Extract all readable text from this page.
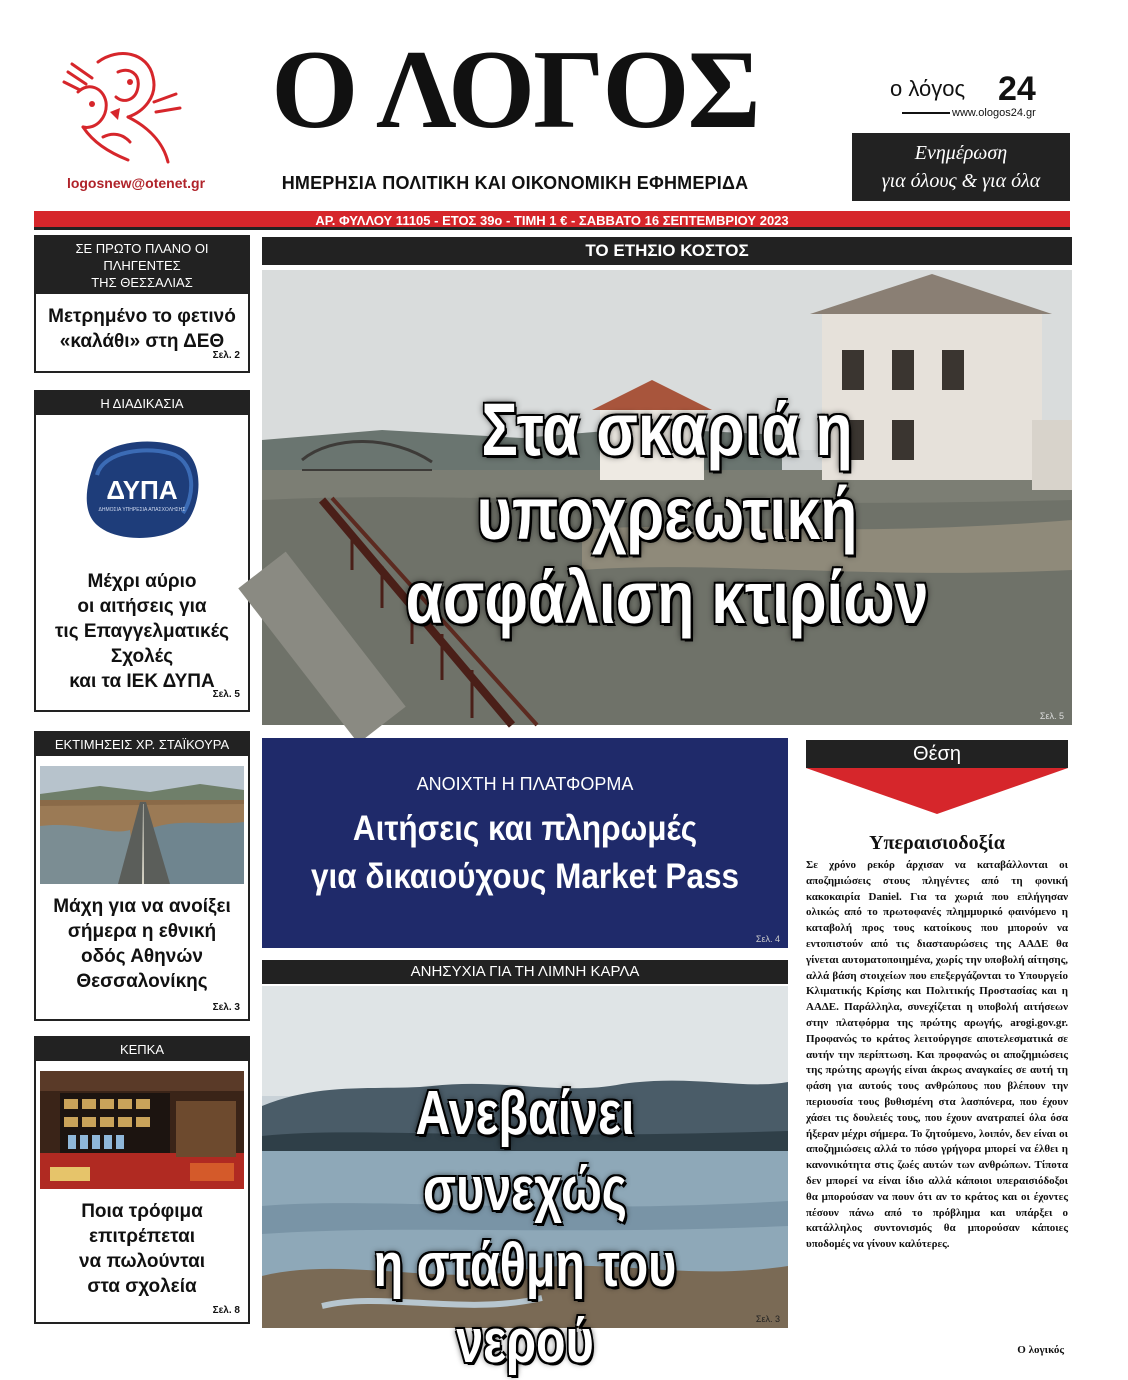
logosnew@otenet.gr
Ο ΛΟΓΟΣ
ΗΜΕΡΗΣΙΑ ΠΟΛΙΤΙΚΗ ΚΑΙ ΟΙΚΟΝΟΜΙΚΗ ΕΦΗΜΕΡΙΔΑ
ο λόγος 24
www.ologos24.gr
Ενημέρωση
για όλους & για όλα
ΑΡ. ΦΥΛΛΟΥ 11105 - ΕΤΟΣ 39ο - ΤΙΜΗ 1 € - ΣΑΒΒΑΤΟ 16 ΣΕΠΤΕΜΒΡΙΟΥ 2023
ΣΕ ΠΡΩΤΟ ΠΛΑΝΟ ΟΙ ΠΛΗΓΕΝΤΕΣ
ΤΗΣ ΘΕΣΣΑΛΙΑΣ
Μετρημένο το φετινό
«καλάθι» στη ΔΕΘ
Σελ. 2
Η ΔΙΑΔΙΚΑΣΙΑ
ΔΥΠΑ
ΔΗΜΟΣΙΑ ΥΠΗΡΕΣΙΑ ΑΠΑΣΧΟΛΗΣΗΣ
Μέχρι αύριο
οι αιτήσεις για
τις Επαγγελματικές
Σχολές
και τα ΙΕΚ ΔΥΠΑ
Σελ. 5
ΕΚΤΙΜΗΣΕΙΣ ΧΡ. ΣΤΑΪΚΟΥΡΑ
Μάχη για να ανοίξει
σήμερα η εθνική
οδός Αθηνών
Θεσσαλονίκης
Σελ. 3
ΚΕΠΚΑ
Ποια τρόφιμα
επιτρέπεται
να πωλούνται
στα σχολεία
Σελ. 8
ΤΟ ΕΤΗΣΙΟ ΚΟΣΤΟΣ
Στα σκαριά η υποχρεωτική
ασφάλιση κτιρίων
Σελ. 5
ΑΝΟΙΧΤΗ Η ΠΛΑΤΦΟΡΜΑ
Αιτήσεις και πληρωμές
για δικαιούχους Market Pass
Σελ. 4
ΑΝΗΣΥΧΙΑ ΓΙΑ ΤΗ ΛΙΜΝΗ ΚΑΡΛΑ
Ανεβαίνει συνεχώς
η στάθμη του νερού	Σελ. 3
Θέση
Υπεραισιοδοξία
Σε χρόνο ρεκόρ άρχισαν να καταβάλλονται οι αποζημιώσεις στους πληγέντες από τη φονική κακοκαιρία Daniel. Για τα χωριά που επλήγησαν ολικώς από το πρωτοφανές πλημμυρικό φαινόμενο η καταβολή προς τους κατοίκους που μπορούν να εντοπιστούν από τις διασταυρώσεις της ΑΑΔΕ θα γίνεται αυτοματοποιημένα, χωρίς την υποβολή αίτησης, αλλά βάση στοιχείων που επεξεργάζονται το Υπουργείο Κλιματικής Κρίσης και Πολιτικής Προστασίας και η ΑΑΔΕ. Παράλληλα, συνεχίζεται η υποβολή αιτήσεων στην πλατφόρμα της πρώτης αρωγής, arogi.gov.gr. Προφανώς το κράτος λειτούργησε αποτελεσματικά σε αυτήν την περίπτωση. Και προφανώς οι αποζημιώσεις της πρώτης αρωγής είναι άκρως αναγκαίες σε αυτή τη φάση για αυτούς τους ανθρώπους που βλέπουν την περιουσία τους βυθισμένη στα λασπόνερα, που έχουν χάσει τις δουλειές τους, που έχουν ανατραπεί όλα όσα ήξεραν μέχρι σήμερα. Το ζητούμενο, λοιπόν, δεν είναι οι αποζημιώσεις αλλά το πόσο γρήγορα μπορεί να έλθει η κανονικότητα στις ζωές αυτών των ανθρώπων. Τίποτα δεν μπορεί να είναι ίδιο αλλά κάποιοι υπεραισιόδοξοι θα μπορούσαν να πουν ότι αν το κράτος και οι έχοντες πέσουν πάνω από το πρόβλημα και υπάρξει ο κατάλληλος συντονισμός θα μπορούσαν κάποιες υποδομές να γίνουν καλύτερες.
Ο λογικός
